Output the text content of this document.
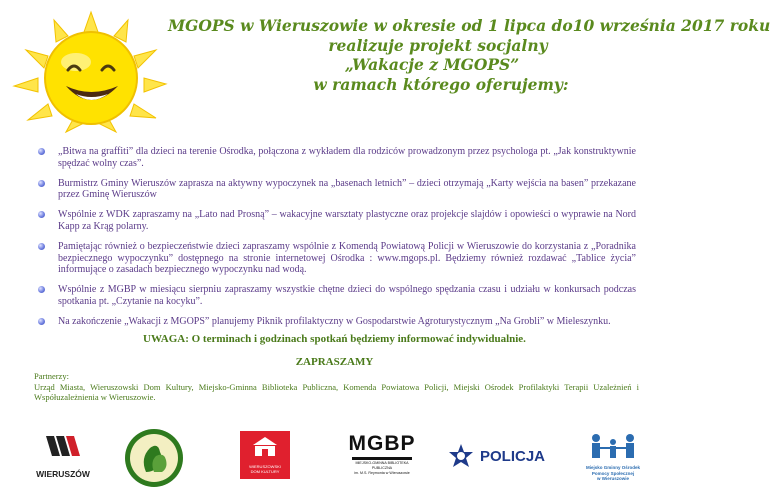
MGOPS w Wieruszowie w okresie od 1 lipca do10 września 2017 roku
realizuje projekt socjalny
„Wakacje z MGOPS”
w ramach którego oferujemy:
„Bitwa na graffiti” dla dzieci na terenie Ośrodka, połączona z wykładem dla rodziców prowadzonym przez psychologa pt. „Jak konstruktywnie spędzać wolny czas”.
Burmistrz Gminy Wieruszów zaprasza na aktywny wypoczynek na „basenach letnich” – dzieci otrzymają „Karty wejścia na basen” przekazane przez Gminę Wieruszów
Wspólnie z WDK zapraszamy na „Lato nad Prosną” – wakacyjne warsztaty plastyczne oraz projekcje slajdów i opowieści o wyprawie na Nord Kapp za Krąg polarny.
Pamiętając również o bezpieczeństwie dzieci zapraszamy wspólnie z Komendą Powiatową Policji w Wieruszowie do korzystania z „Poradnika bezpiecznego wypoczynku” dostępnego na stronie internetowej Ośrodka : www.mgops.pl. Będziemy również rozdawać „Tablice życia” informujące o zasadach bezpiecznego wypoczynku nad wodą.
Wspólnie z MGBP w miesiącu sierpniu zapraszamy wszystkie chętne dzieci do wspólnego spędzania czasu i udziału w konkursach podczas spotkania pt. „Czytanie na kocyku”.
Na zakończenie „Wakacji z MGOPS” planujemy Piknik profilaktyczny w Gospodarstwie Agroturystycznym „Na Grobli” w Mieleszynku.
UWAGA: O terminach i godzinach spotkań będziemy informować indywidualnie.
ZAPRASZAMY
Partnerzy:
Urząd Miasta, Wieruszowski Dom Kultury, Miejsko-Gminna Biblioteka Publiczna, Komenda Powiatowa Policji, Miejski Ośrodek Profilaktyki Terapii Uzależnień i Współuzależnienia w Wieruszowie.
WIERUSZÓW
WIERUSZOWSKI
DOM KULTURY
MGBP
MIEJSKO-GMINNA BIBLIOTEKA PUBLICZNA
im. M.S. Reymonta w Wieruszowie
POLICJA
Miejsko Gminny Ośrodek
Pomocy Społecznej
w Wieruszowie
